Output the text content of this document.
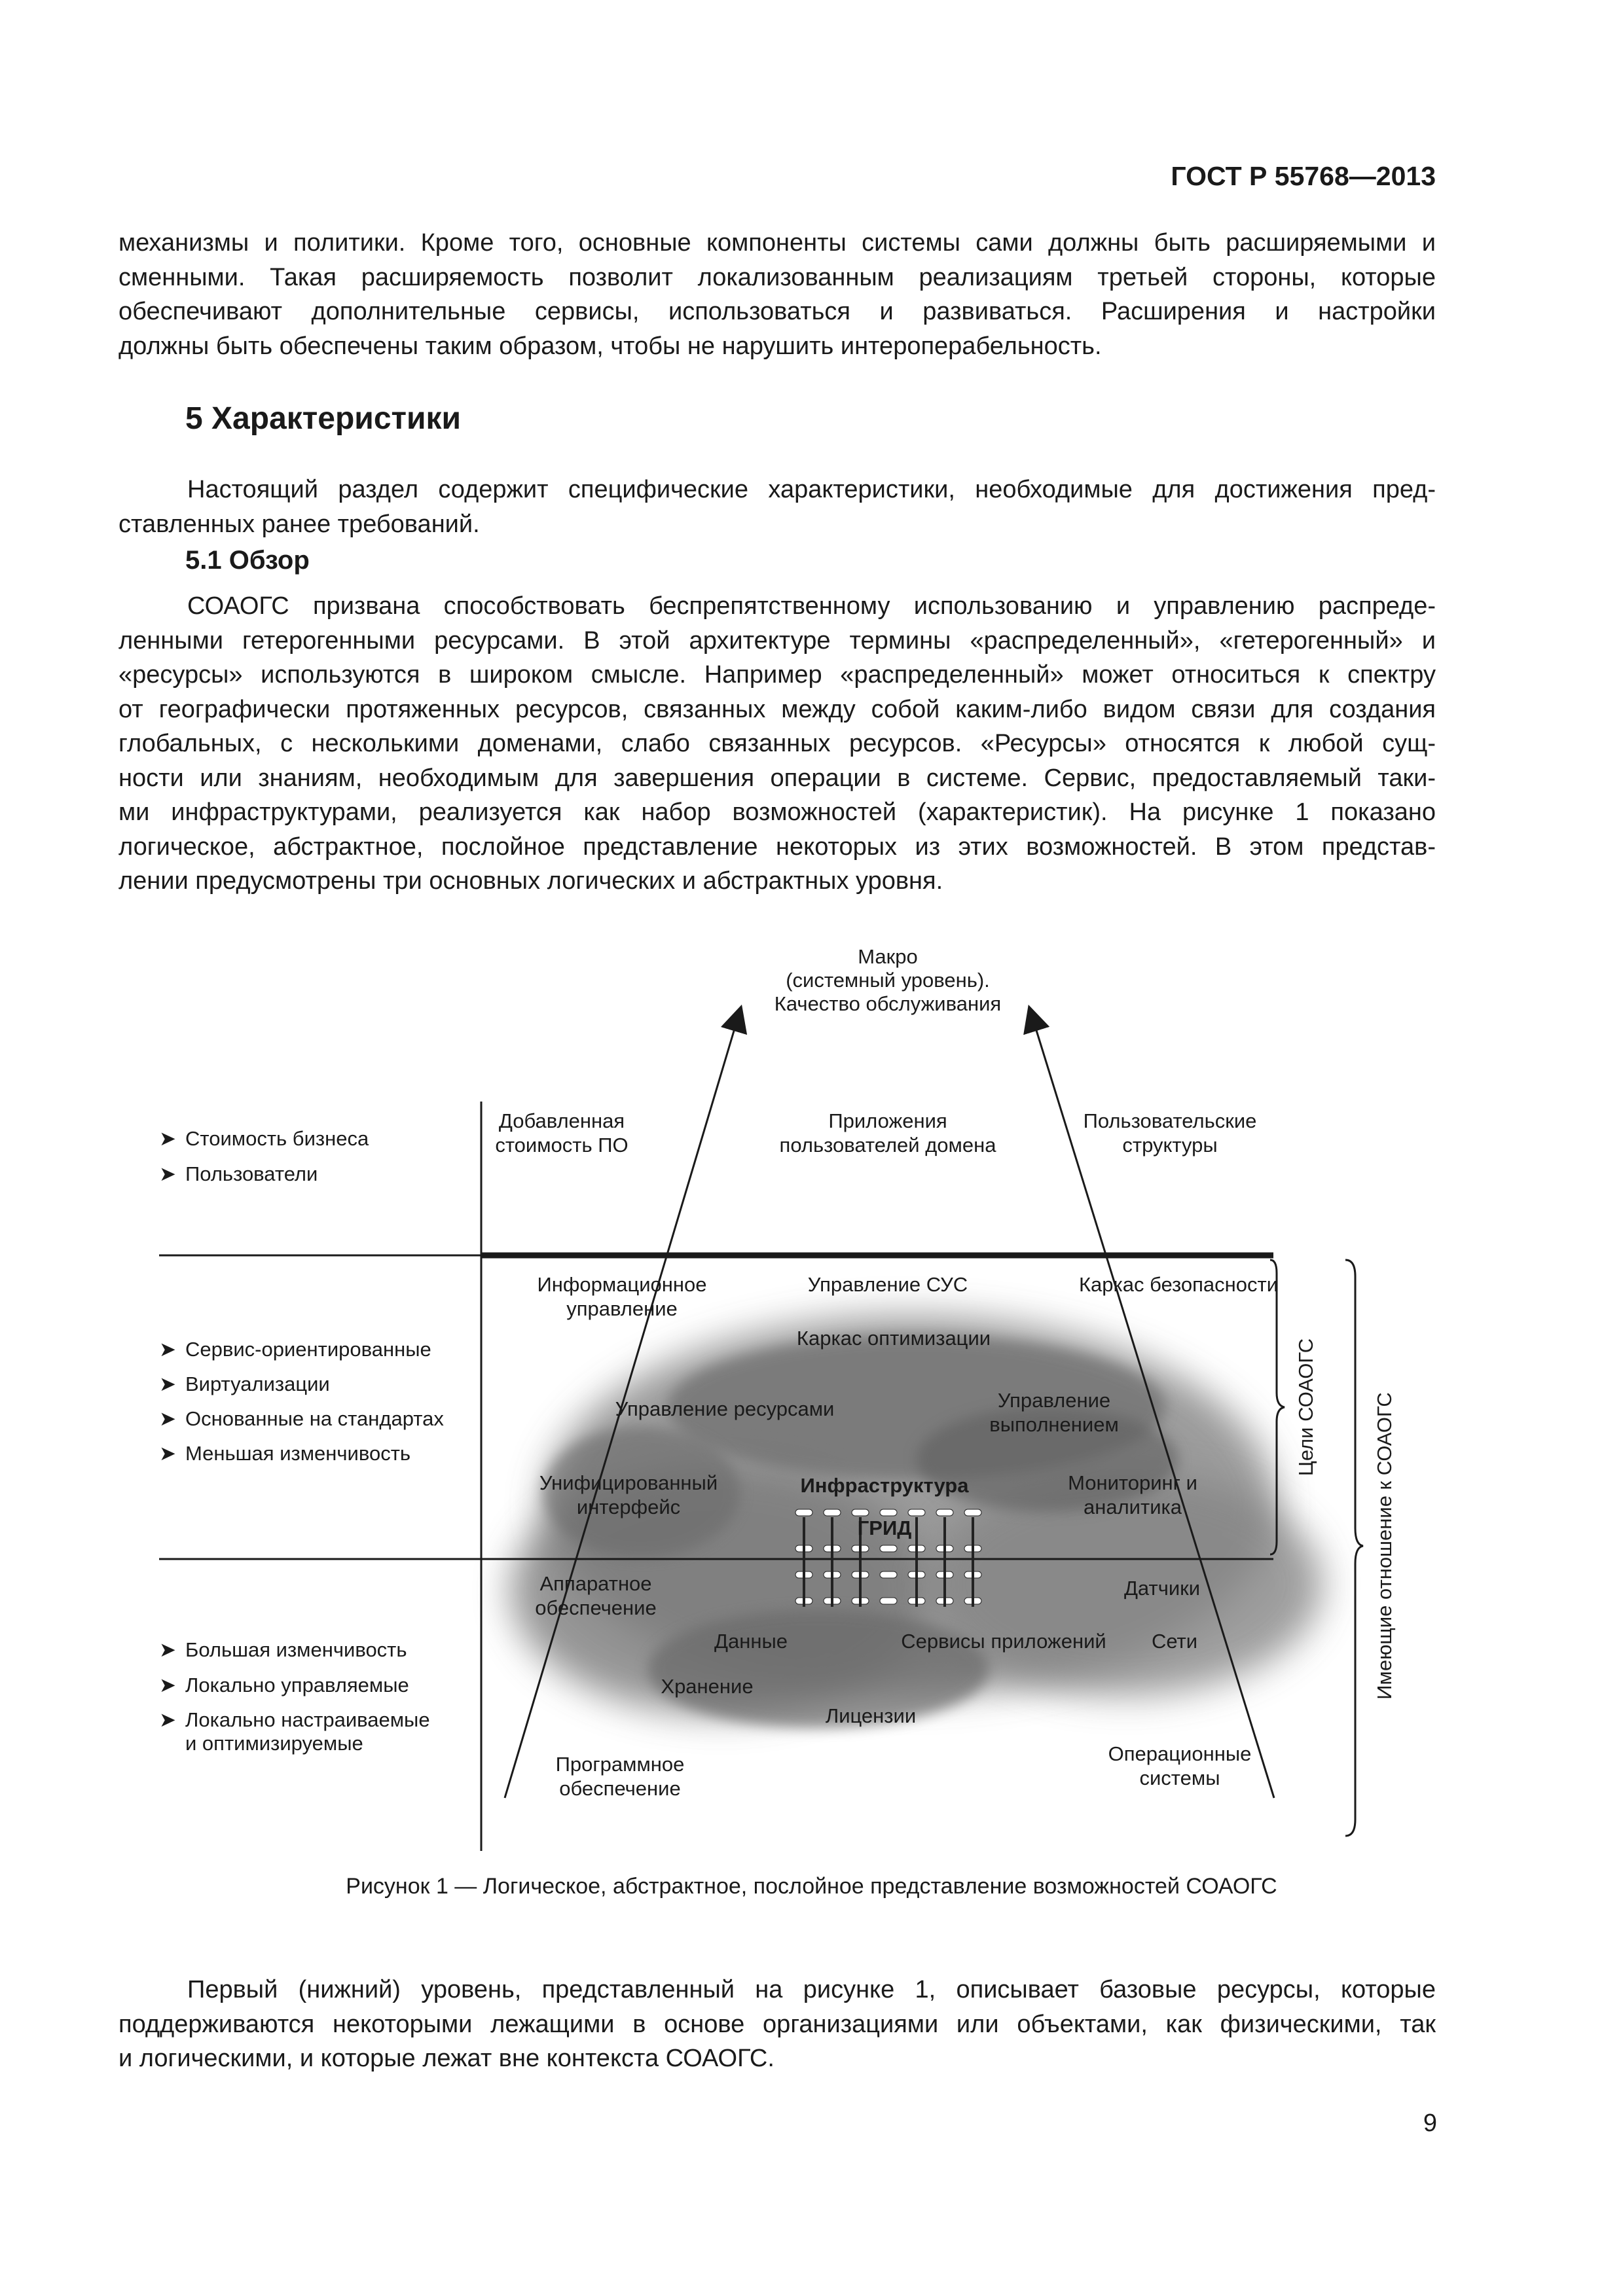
ГОСТ Р 55768—2013
механизмы и политики. Кроме того, основные компоненты системы сами должны быть расширяемыми и
сменными. Такая расширяемость позволит локализованным реализациям третьей стороны, которые
обеспечивают дополнительные сервисы, использоваться и развиваться. Расширения и настройки
должны быть обеспечены таким образом, чтобы не нарушить интероперабельность.
5 Характеристики
Настоящий раздел содержит специфические характеристики, необходимые для достижения пред-
ставленных ранее требований.
5.1 Обзор
СОАОГС призвана способствовать беспрепятственному использованию и управлению распреде-
ленными гетерогенными ресурсами. В этой архитектуре термины «распределенный», «гетерогенный» и
«ресурсы» используются в широком смысле. Например «распределенный» может относиться к спектру
от географически протяженных ресурсов, связанных между собой каким-либо видом связи для создания
глобальных, с несколькими доменами, слабо связанных ресурсов. «Ресурсы» относятся к любой сущ-
ности или знаниям, необходимым для завершения операции в системе. Сервис, предоставляемый таки-
ми инфраструктурами, реализуется как набор возможностей (характеристик). На рисунке 1 показано
логическое, абстрактное, послойное представление некоторых из этих возможностей. В этом представ-
лении предусмотрены три основных логических и абстрактных уровня.
Макро
(системный уровень).
Качество обслуживания
➤ Стоимость бизнеса
➤ Пользователи
➤ Сервис-ориентированные
➤ Виртуализации
➤ Основанные на стандартах
➤ Меньшая изменчивость
➤ Большая изменчивость
➤ Локально управляемые
➤ Локально настраиваемые
и оптимизируемые
Добавленная
стоимость ПО
Приложения
пользователей домена
Пользовательские
структуры
Информационное
управление
Управление СУС	Каркас безопасности
Каркас оптимизации
Управление ресурсами	Управление
выполнением
Унифицированный
интерфейс
Инфраструктура	Мониторинг и
аналитика
ГРИД
Аппаратное
обеспечение
Датчики
Данные	Сервисы приложений Сети
Хранение
Лицензии
Программное
обеспечение
Операционные
системы
Цели СОАОГС	Имеющие отношение к СОАОГС
Рисунок 1 — Логическое, абстрактное, послойное представление возможностей СОАОГС
Первый (нижний) уровень, представленный на рисунке 1, описывает базовые ресурсы, которые
поддерживаются некоторыми лежащими в основе организациями или объектами, как физическими, так
и логическими, и которые лежат вне контекста СОАОГС.
9
